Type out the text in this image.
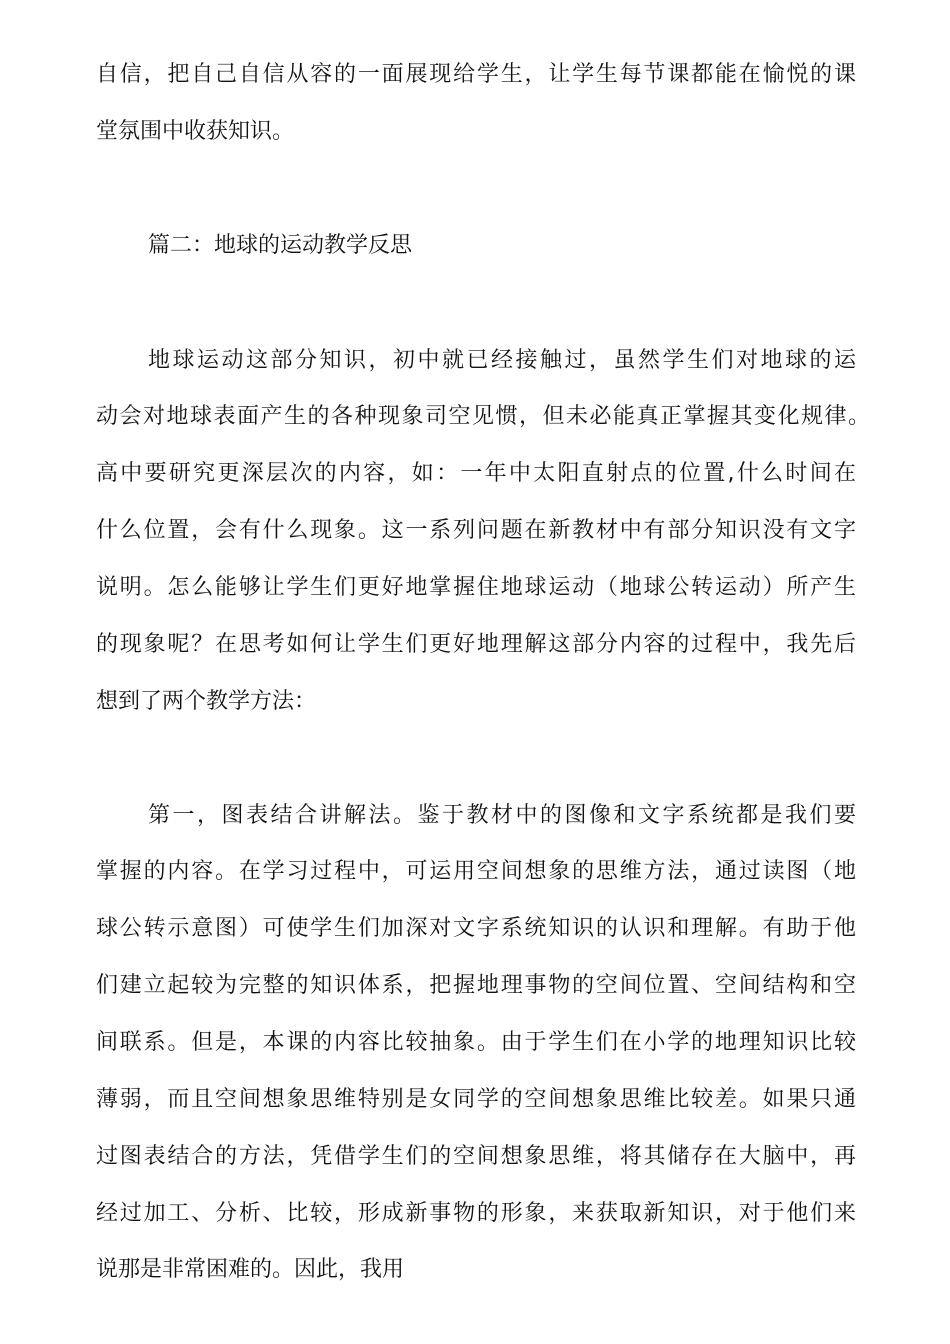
自信，把自己自信从容的一面展现给学生，让学生每节课都能在愉悦的课
堂氛围中收获知识。
篇二：地球的运动教学反思
地球运动这部分知识，初中就已经接触过，虽然学生们对地球的运
动会对地球表面产生的各种现象司空见惯，但未必能真正掌握其变化规律。
高中要研究更深层次的内容，如：一年中太阳直射点的位置,什么时间在
什么位置，会有什么现象。这一系列问题在新教材中有部分知识没有文字
说明。怎么能够让学生们更好地掌握住地球运动（地球公转运动）所产生
的现象呢？在思考如何让学生们更好地理解这部分内容的过程中，我先后
想到了两个教学方法：
第一，图表结合讲解法。鉴于教材中的图像和文字系统都是我们要
掌握的内容。在学习过程中，可运用空间想象的思维方法，通过读图（地
球公转示意图）可使学生们加深对文字系统知识的认识和理解。有助于他
们建立起较为完整的知识体系，把握地理事物的空间位置、空间结构和空
间联系。但是，本课的内容比较抽象。由于学生们在小学的地理知识比较
薄弱，而且空间想象思维特别是女同学的空间想象思维比较差。如果只通
过图表结合的方法，凭借学生们的空间想象思维，将其储存在大脑中，再
经过加工、分析、比较，形成新事物的形象，来获取新知识，对于他们来
说那是非常困难的。因此，我用
